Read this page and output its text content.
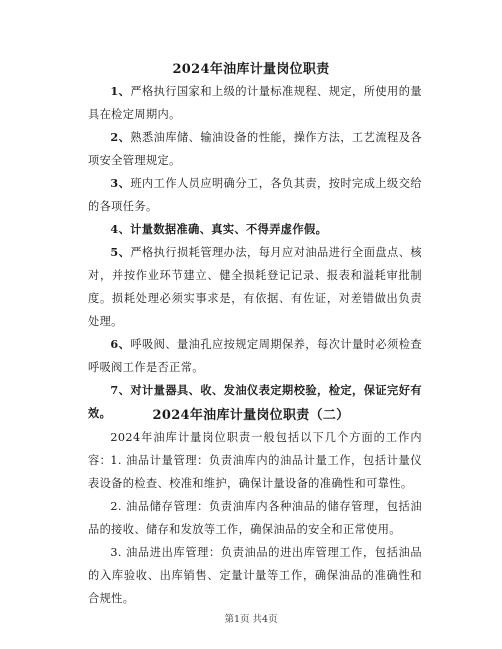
2024年油库计量岗位职责
1、严格执行国家和上级的计量标准规程、规定，所使用的量具在检定周期内。
2、熟悉油库储、输油设备的性能，操作方法，工艺流程及各项安全管理规定。
3、班内工作人员应明确分工，各负其责，按时完成上级交给的各项任务。
4、计量数据准确、真实、不得弄虚作假。
5、严格执行损耗管理办法，每月应对油品进行全面盘点、核对，并按作业环节建立、健全损耗登记记录、报表和溢耗审批制度。损耗处理必须实事求是，有依据、有佐证，对差错做出负责处理。
6、呼吸阀、量油孔应按规定周期保养，每次计量时必须检查呼吸阀工作是否正常。
7、对计量器具、收、发油仪表定期校验，检定，保证完好有效。	2024年油库计量岗位职责（二）
2024年油库计量岗位职责一般包括以下几个方面的工作内容： 1. 油品计量管理：负责油库内的油品计量工作，包括计量仪表设备的检查、校准和维护，确保计量设备的准确性和可靠性。
2. 油品储存管理：负责油库内各种油品的储存管理，包括油品的接收、储存和发放等工作，确保油品的安全和正常使用。
3. 油品进出库管理：负责油品的进出库管理工作，包括油品的入库验收、出库销售、定量计量等工作，确保油品的准确性和合规性。
第1页 共4页
